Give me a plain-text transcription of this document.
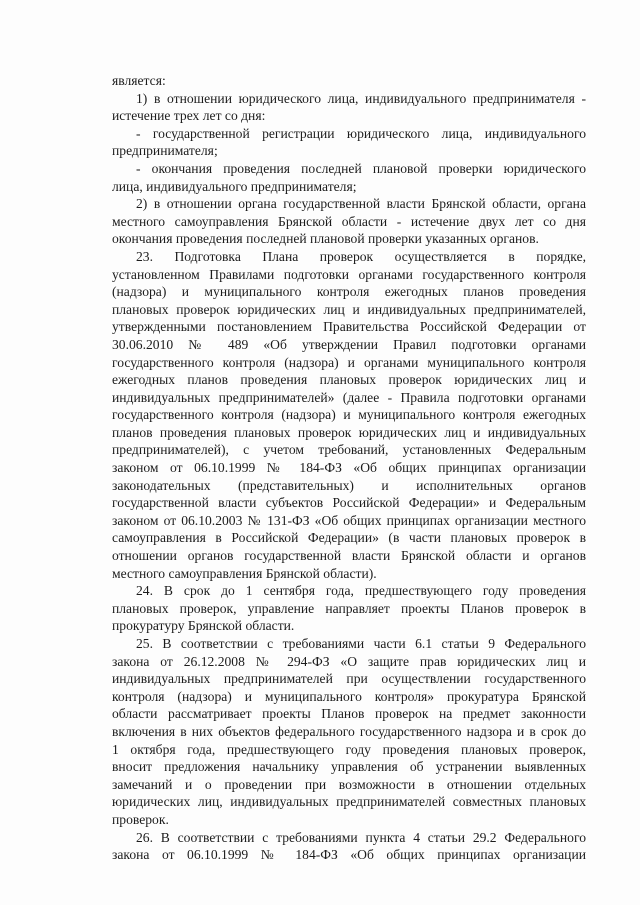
является:
1) в отношении юридического лица, индивидуального предпринимателя -
истечение трех лет со дня:
- государственной регистрации юридического лица, индивидуального
предпринимателя;
- окончания проведения последней плановой проверки юридического
лица, индивидуального предпринимателя;
2) в отношении органа государственной власти Брянской области, органа
местного самоуправления Брянской области - истечение двух лет со дня
окончания проведения последней плановой проверки указанных органов.
23. Подготовка Плана проверок осуществляется в порядке,
установленном Правилами подготовки органами государственного контроля
(надзора) и муниципального контроля ежегодных планов проведения
плановых проверок юридических лиц и индивидуальных предпринимателей,
утвержденными постановлением Правительства Российской Федерации от
30.06.2010 № 489 «Об утверждении Правил подготовки органами
государственного контроля (надзора) и органами муниципального контроля
ежегодных планов проведения плановых проверок юридических лиц и
индивидуальных предпринимателей» (далее - Правила подготовки органами
государственного контроля (надзора) и муниципального контроля ежегодных
планов проведения плановых проверок юридических лиц и индивидуальных
предпринимателей), с учетом требований, установленных Федеральным
законом от 06.10.1999 № 184-ФЗ «Об общих принципах организации
законодательных (представительных) и исполнительных органов
государственной власти субъектов Российской Федерации» и Федеральным
законом от 06.10.2003 № 131-ФЗ «Об общих принципах организации местного
самоуправления в Российской Федерации» (в части плановых проверок в
отношении органов государственной власти Брянской области и органов
местного самоуправления Брянской области).
24. В срок до 1 сентября года, предшествующего году проведения
плановых проверок, управление направляет проекты Планов проверок в
прокуратуру Брянской области.
25. В соответствии с требованиями части 6.1 статьи 9 Федерального
закона от 26.12.2008 № 294-ФЗ «О защите прав юридических лиц и
индивидуальных предпринимателей при осуществлении государственного
контроля (надзора) и муниципального контроля» прокуратура Брянской
области рассматривает проекты Планов проверок на предмет законности
включения в них объектов федерального государственного надзора и в срок до
1 октября года, предшествующего году проведения плановых проверок,
вносит предложения начальнику управления об устранении выявленных
замечаний и о проведении при возможности в отношении отдельных
юридических лиц, индивидуальных предпринимателей совместных плановых
проверок.
26. В соответствии с требованиями пункта 4 статьи 29.2 Федерального
закона от 06.10.1999 № 184-ФЗ «Об общих принципах организации
